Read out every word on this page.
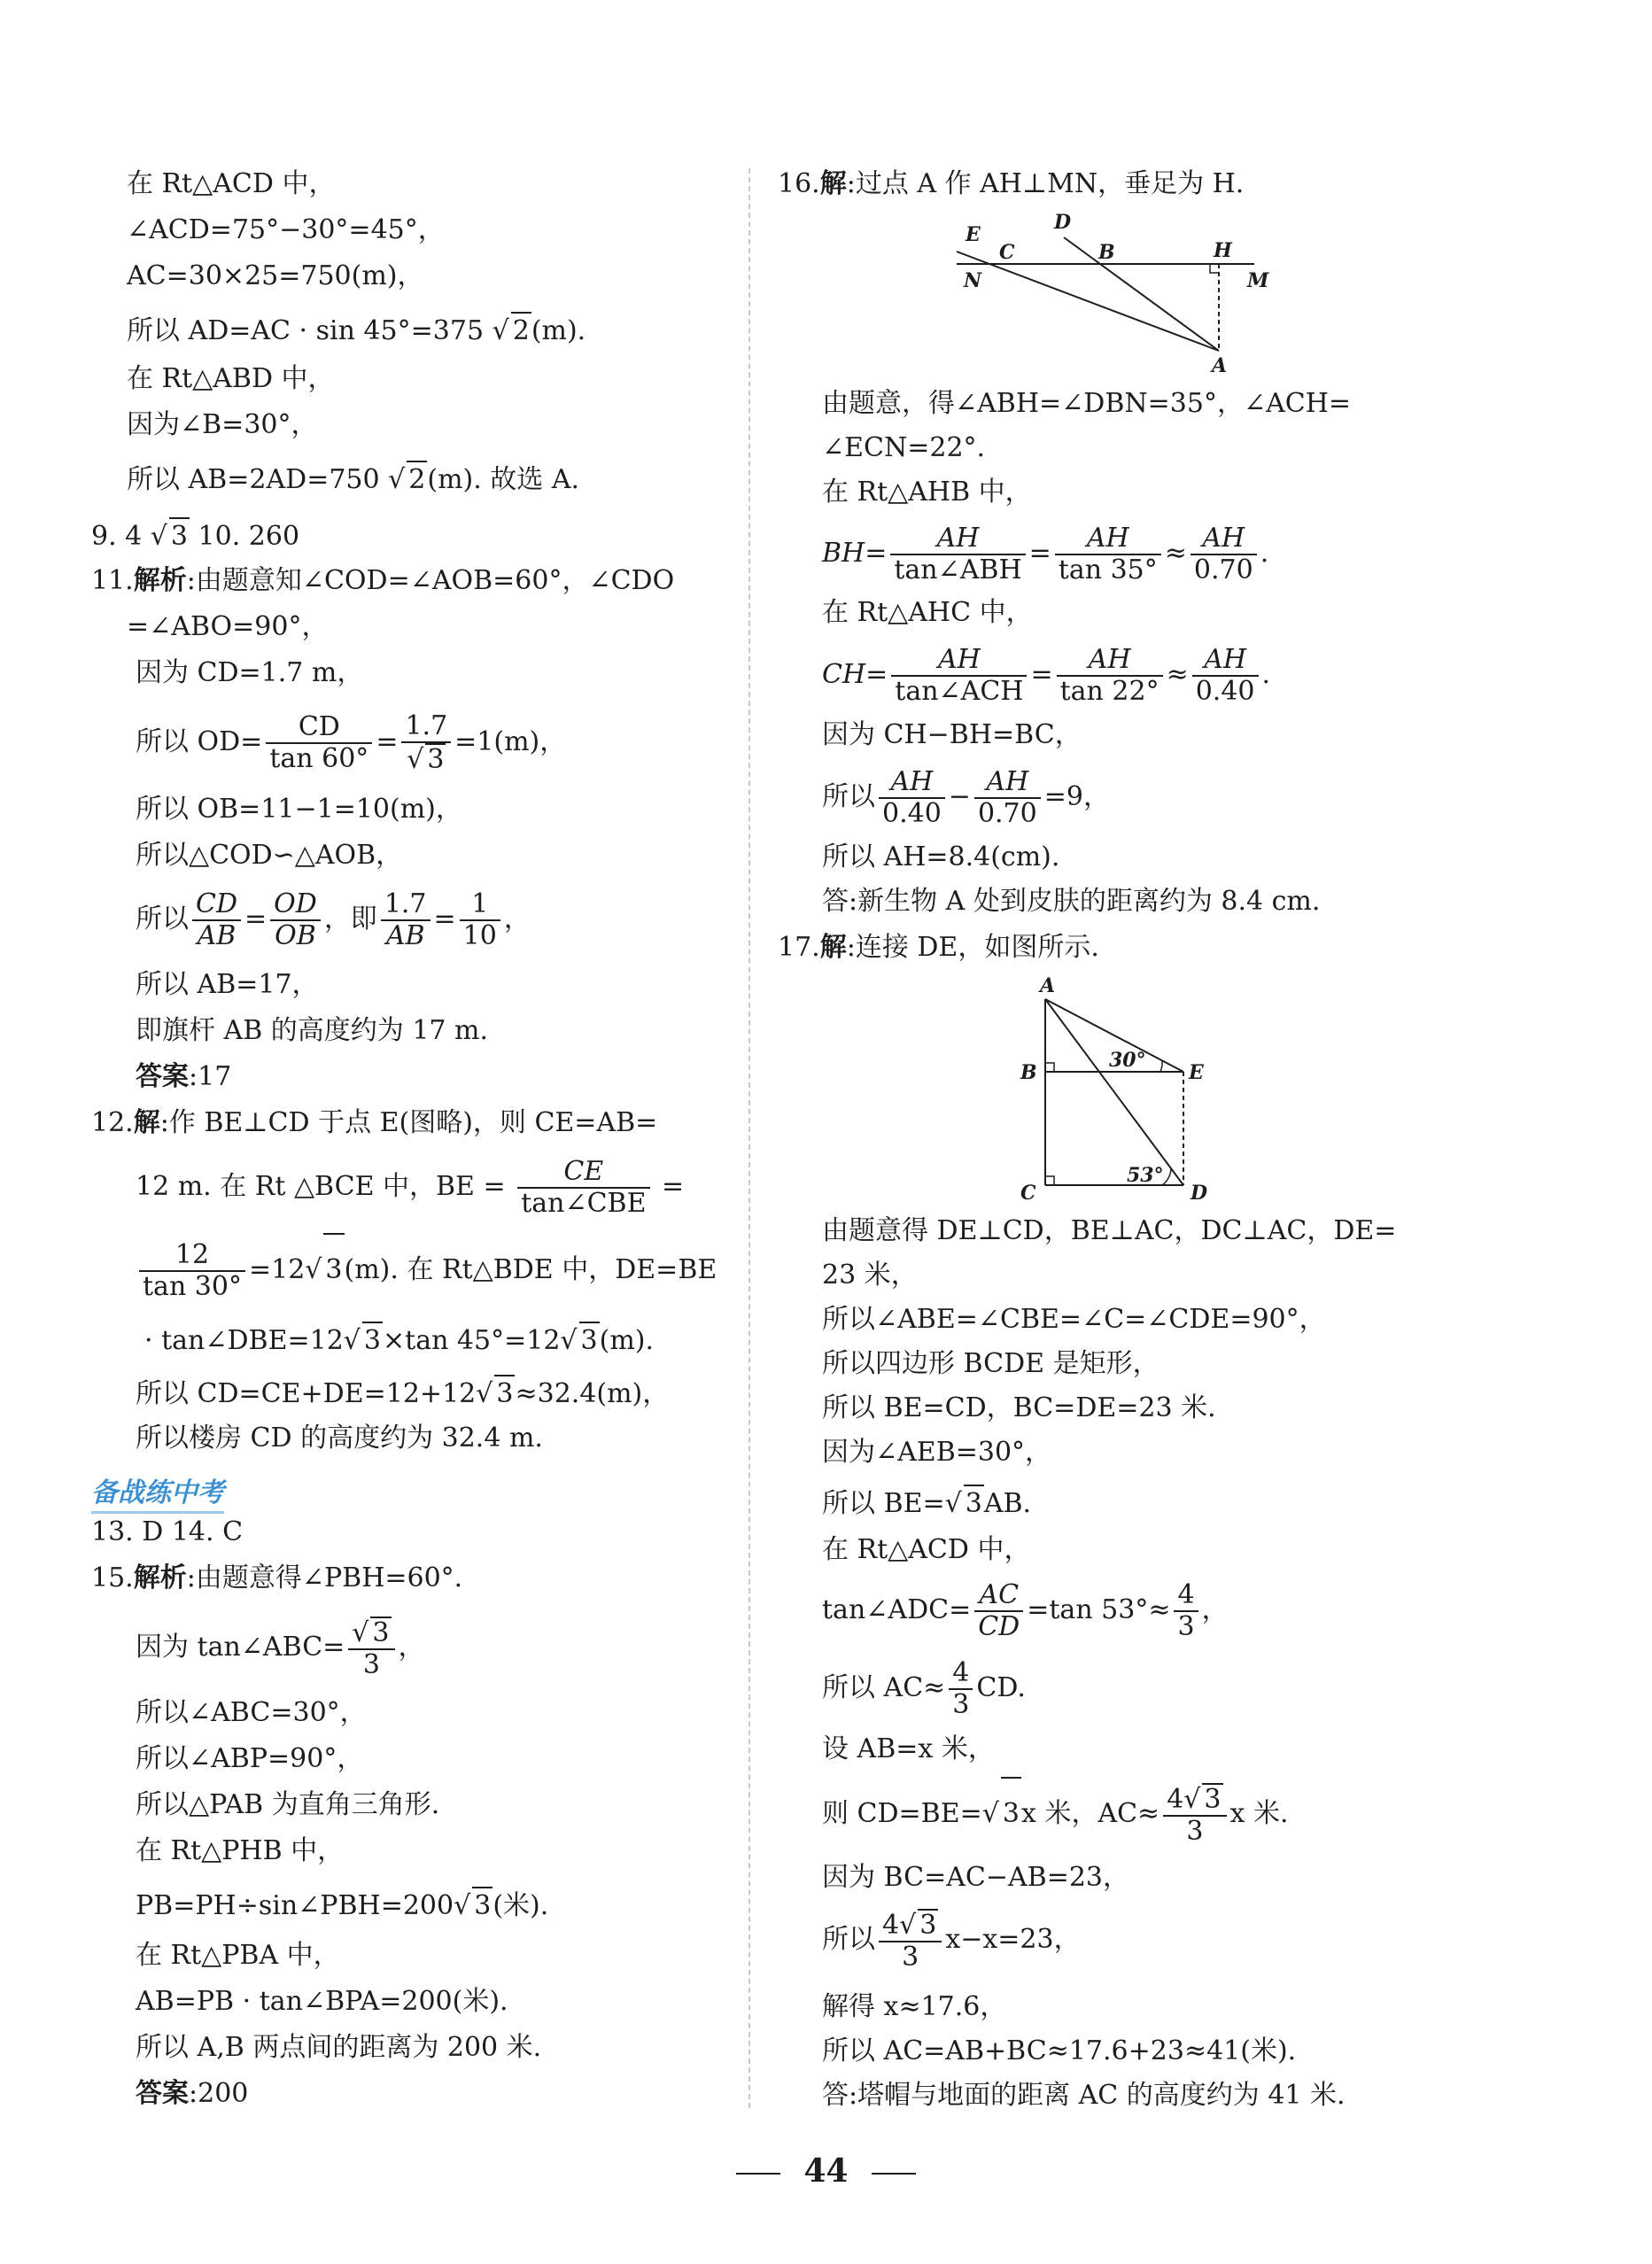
在 Rt△ACD 中，
∠ACD=75°−30°=45°，
AC=30×25=750(m)，
所以 AD=AC · sin 45°=375 √ 2(m).
在 Rt△ABD 中，
因为∠B=30°，
所以 AB=2AD=750 √ 2(m). 故选 A.
9. 4 √ 3 10. 260
11.解析:由题意知∠COD=∠AOB=60°，∠CDO
=∠ABO=90°，
因为 CD=1.7 m，
所以 $OD= \frac{CD}{\tan 60^\circ} = 1.7$
√ 3 =1(m)，
所以 OB=11−1=10(m)，
所以△COD∽△AOB，
所以 $\frac{CD}{AB} = \frac{OD}{OB}$ ，即 $\frac{1.7}{AB} = \frac{1}{10}$ ，
所以 AB=17，
即旗杆 AB 的高度约为 17 m.
答案:17
12.解:作 BE⊥CD 于点 E(图略)，则 CE=AB=
12 m. 在 Rt △BCE 中，BE = $\frac{CE}{\text{tan∠CBE}}$ =
$\frac{12}{\tan 30^\circ} =12√$ 3(m). 在 Rt△BDE 中，DE=BE
· tan∠DBE=12√ 3×tan 45°=12√ 3(m).
所以 CD=CE+DE=12+12√ 3≈32.4(m)，
所以楼房 CD 的高度约为 32.4 m.
备战练中考
13. D 14. C
15.解析:由题意得∠PBH=60°.
因为 tan∠ABC=
√ $\frac{3}{3}$ ，
所以∠ABC=30°，
所以∠ABP=90°，
所以△PAB 为直角三角形.
在 Rt△PHB 中，
PB=PH÷sin∠PBH=200√ 3(米).
在 Rt△PBA 中，
AB=PB · tan∠BPA=200(米).
所以 A,B 两点间的距离为 200 米.
答案:200
16.解:过点 A 作 AH⊥MN，垂足为 H.
E
D
C	B	H
N	M
A
由题意，得∠ABH=∠DBN=35°，∠ACH=
∠ECN=22°.
在 Rt△AHB 中，
$BH= \frac{AH}{\text{tan∠ABH}} = \frac{AH}{\tan 35^\circ} \approx \frac{AH}{0.70}$ .
在 Rt△AHC 中，
$CH= \frac{AH}{\text{tan∠ACH}} = \frac{AH}{\tan 22^\circ} \approx \frac{AH}{0.40}$ .
因为 CH−BH=BC，
所以 $\frac{AH}{0.40} - \frac{AH}{0.70} =9$，
所以 AH=8.4(cm).
答:新生物 A 处到皮肤的距离约为 8.4 cm.
17.解:连接 DE，如图所示.
A
B
C	D
E
30°
53°
由题意得 DE⊥CD，BE⊥AC，DC⊥AC，DE=
23 米，
所以∠ABE=∠CBE=∠C=∠CDE=90°，
所以四边形 BCDE 是矩形，
所以 BE=CD，BC=DE=23 米.
因为∠AEB=30°，
所以 BE=√ 3AB.
在 Rt△ACD 中，
tan∠ADC= $\frac{AC}{CD} =\tan$ $53^\circ\approx \frac{4}{3}$ ，
所以 $AC\approx \frac{4}{3}$ CD.
设 AB=x 米，
则 CD=BE=√ 3x 米，$AC\approx \frac{4√ 3}{3}$ x 米.
因为 BC=AC−AB=23，
所以 $\frac{4√ 3}{3} x-x=23$，
解得 x≈17.6，
所以 AC=AB+BC≈17.6+23≈41(米).
答:塔帽与地面的距离 AC 的高度约为 41 米.
44
